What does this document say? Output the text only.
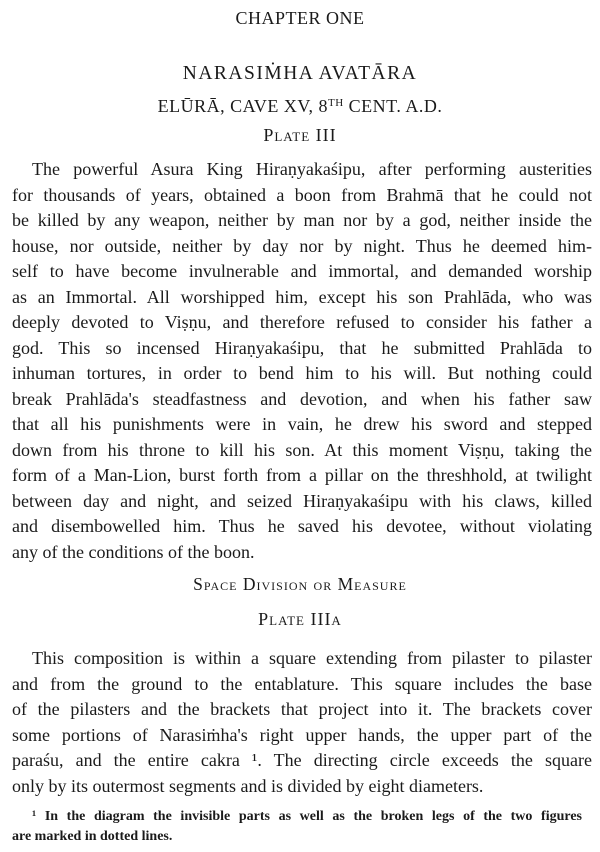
CHAPTER ONE
NARASIṀHA AVATĀRA
ELŪRĀ, CAVE XV, 8TH CENT. A.D.
Plate III
The powerful Asura King Hiraṇyakaśipu, after performing austerities
for thousands of years, obtained a boon from Brahmā that he could not
be killed by any weapon, neither by man nor by a god, neither inside the
house, nor outside, neither by day nor by night. Thus he deemed him-
self to have become invulnerable and immortal, and demanded worship
as an Immortal. All worshipped him, except his son Prahlāda, who was
deeply devoted to Viṣṇu, and therefore refused to consider his father a
god. This so incensed Hiraṇyakaśipu, that he submitted Prahlāda to
inhuman tortures, in order to bend him to his will. But nothing could
break Prahlāda's steadfastness and devotion, and when his father saw
that all his punishments were in vain, he drew his sword and stepped
down from his throne to kill his son. At this moment Viṣṇu, taking the
form of a Man-Lion, burst forth from a pillar on the threshhold, at twilight
between day and night, and seized Hiraṇyakaśipu with his claws, killed
and disembowelled him. Thus he saved his devotee, without violating
any of the conditions of the boon.
Space Division or Measure
Plate IIIa
This composition is within a square extending from pilaster to pilaster
and from the ground to the entablature. This square includes the base
of the pilasters and the brackets that project into it. The brackets cover
some portions of Narasiṁha's right upper hands, the upper part of the
paraśu, and the entire cakra ¹. The directing circle exceeds the square
only by its outermost segments and is divided by eight diameters.
¹ In the diagram the invisible parts as well as the broken legs of the two figures
are marked in dotted lines.
